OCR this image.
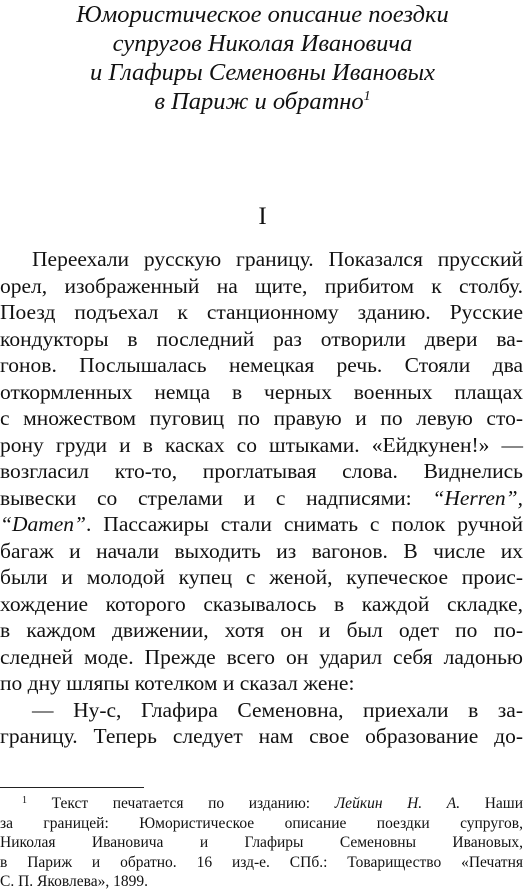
Юмористическое описание поездки
супругов Николая Ивановича
и Глафиры Семеновны Ивановых
в Париж и обратно$^1$
I
Переехали русскую границу. Показался прусский
орел, изображенный на щите, прибитом к столбу.
Поезд подъехал к станционному зданию. Русские
кондукторы в последний раз отворили двери ва-
гонов. Послышалась немецкая речь. Стояли два
откормленных немца в черных военных плащах
с множеством пуговиц по правую и по левую сто-
рону груди и в касках со штыками. «Ейдкунен!» —
возгласил кто-то, проглатывая слова. Виднелись
вывески со стрелами и с надписями: “Herren”,
“Damen”. Пассажиры стали снимать с полок ручной
багаж и начали выходить из вагонов. В числе их
были и молодой купец с женой, купеческое проис-
хождение которого сказывалось в каждой складке,
в каждом движении, хотя он и был одет по по-
следней моде. Прежде всего он ударил себя ладонью
по дну шляпы котелком и сказал жене:
— Ну-с, Глафира Семеновна, приехали в за-
границу. Теперь следует нам свое образование до-
$^1$ Текст печатается по изданию: Лейкин Н. А. Наши
за границей: Юмористическое описание поездки супругов,
Николая Ивановича и Глафиры Семеновны Ивановых,
в Париж и обратно. 16 изд-е. СПб.: Товарищество «Печатня
С. П. Яковлева», 1899.
